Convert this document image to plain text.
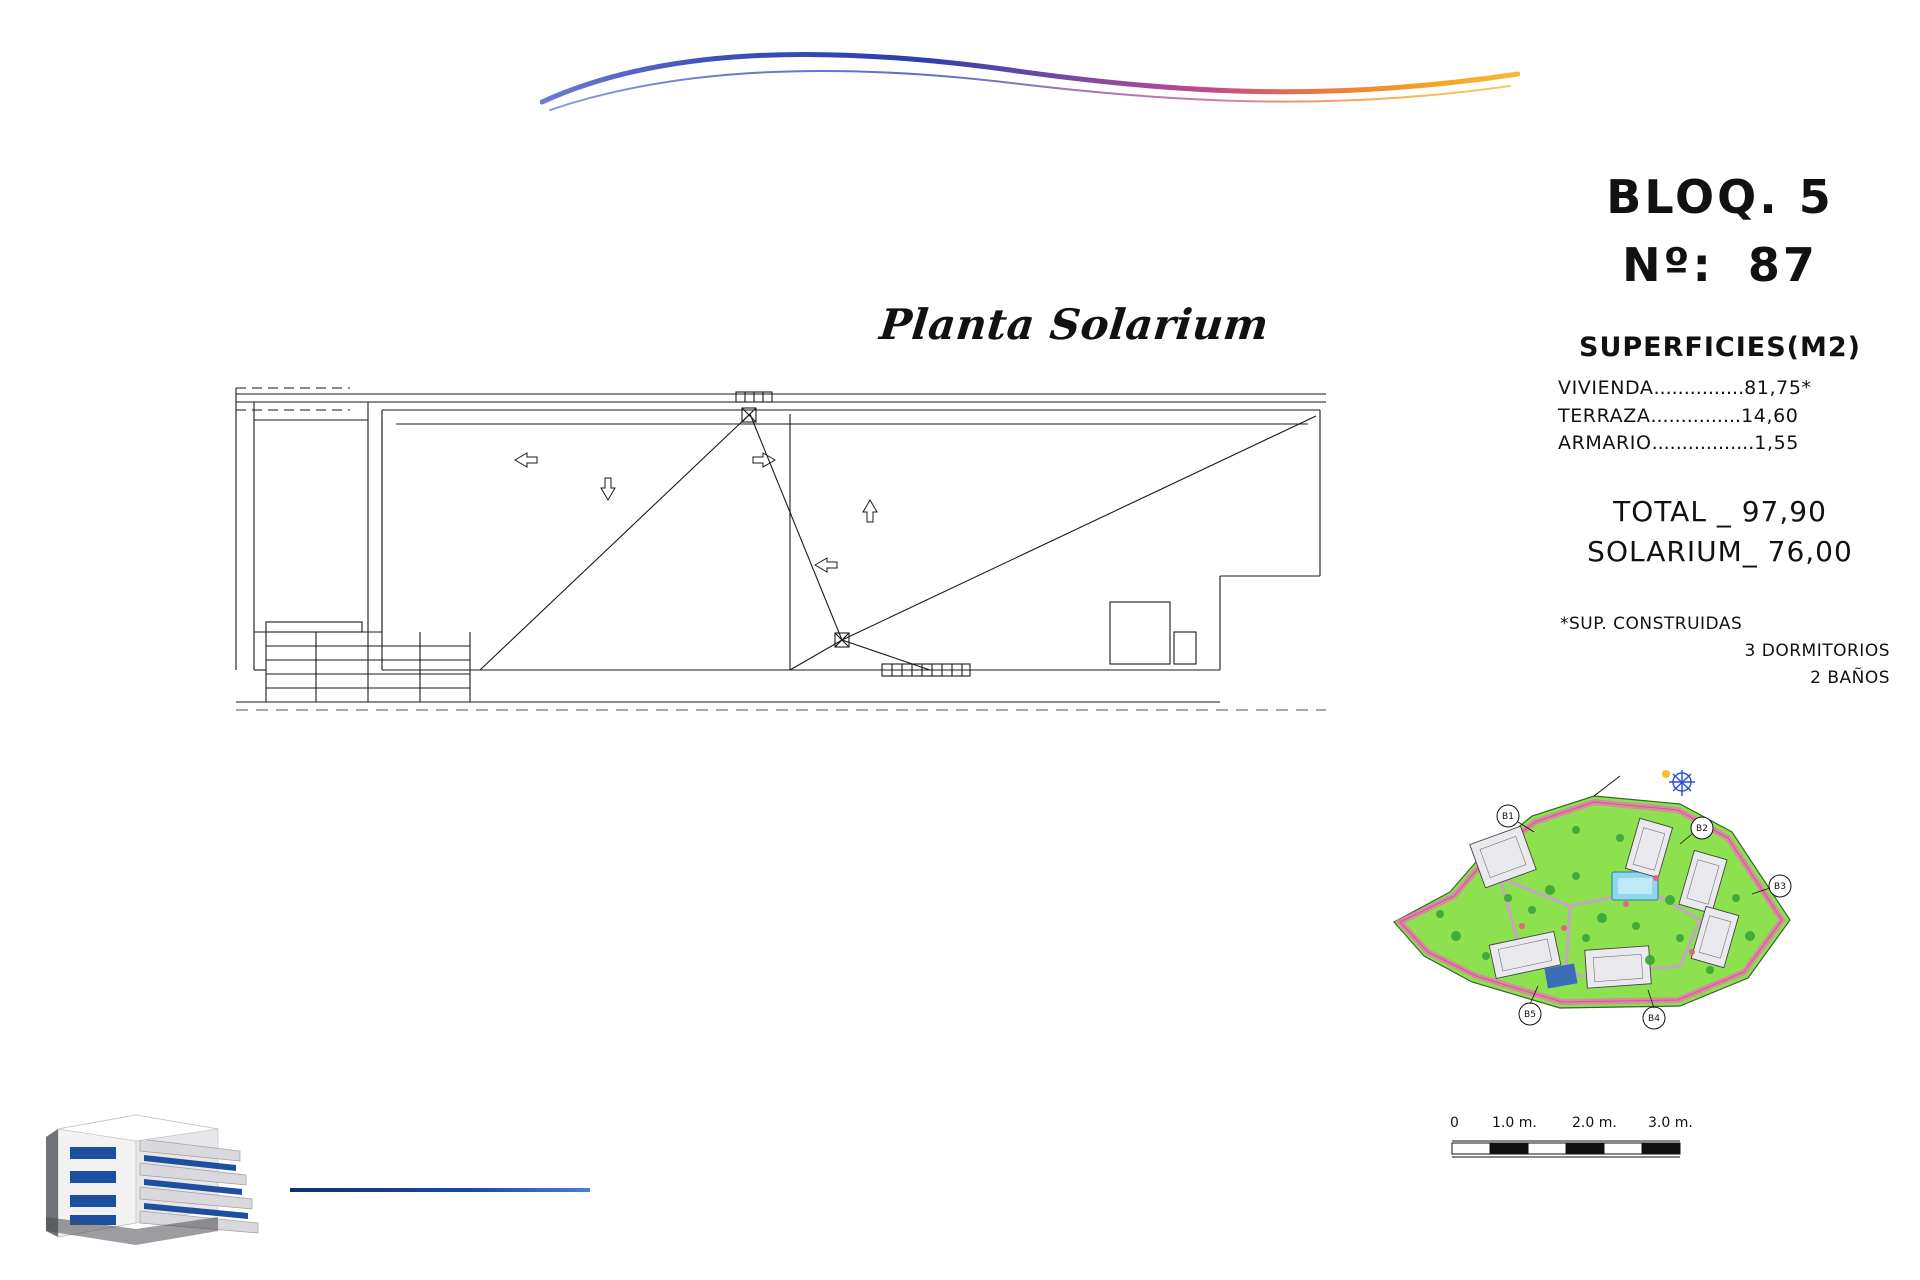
Planta Solarium
BLOQ. 5
Nº: 87
SUPERFICIES(M2)
VIVIENDA...............81,75*
TERRAZA...............14,60
ARMARIO.................1,55
TOTAL _ 97,90
SOLARIUM_ 76,00
*SUP. CONSTRUIDAS
3 DORMITORIOS
2 BAÑOS
B1
B2
B3
B4
B5
0 1.0 m.	2.0 m. 3.0 m.
